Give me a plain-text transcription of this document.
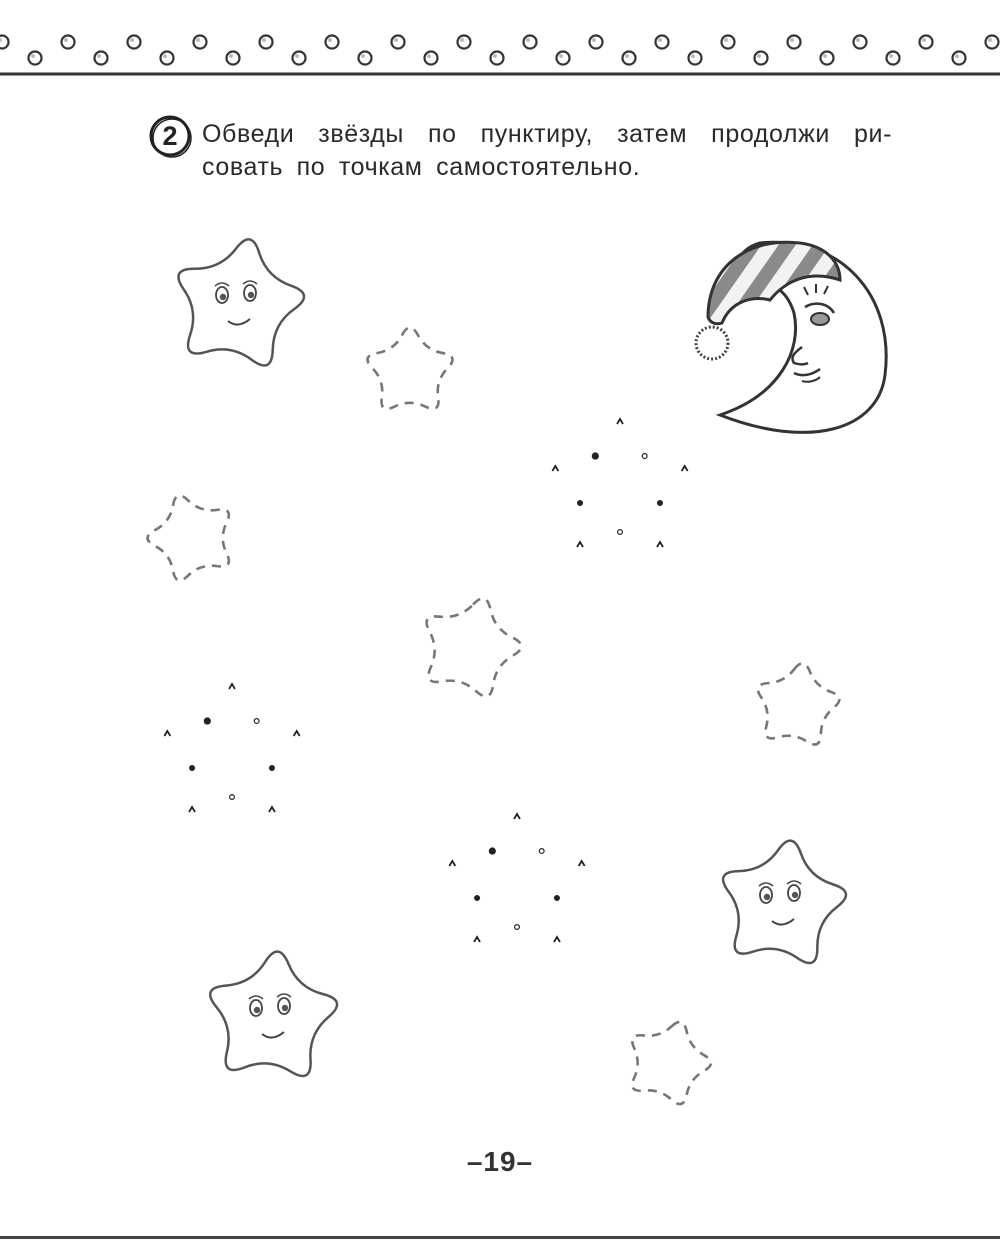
2 Обведи звёзды по пунктиру, затем продолжи ри-совать по точкам самостоятельно.
–19–
